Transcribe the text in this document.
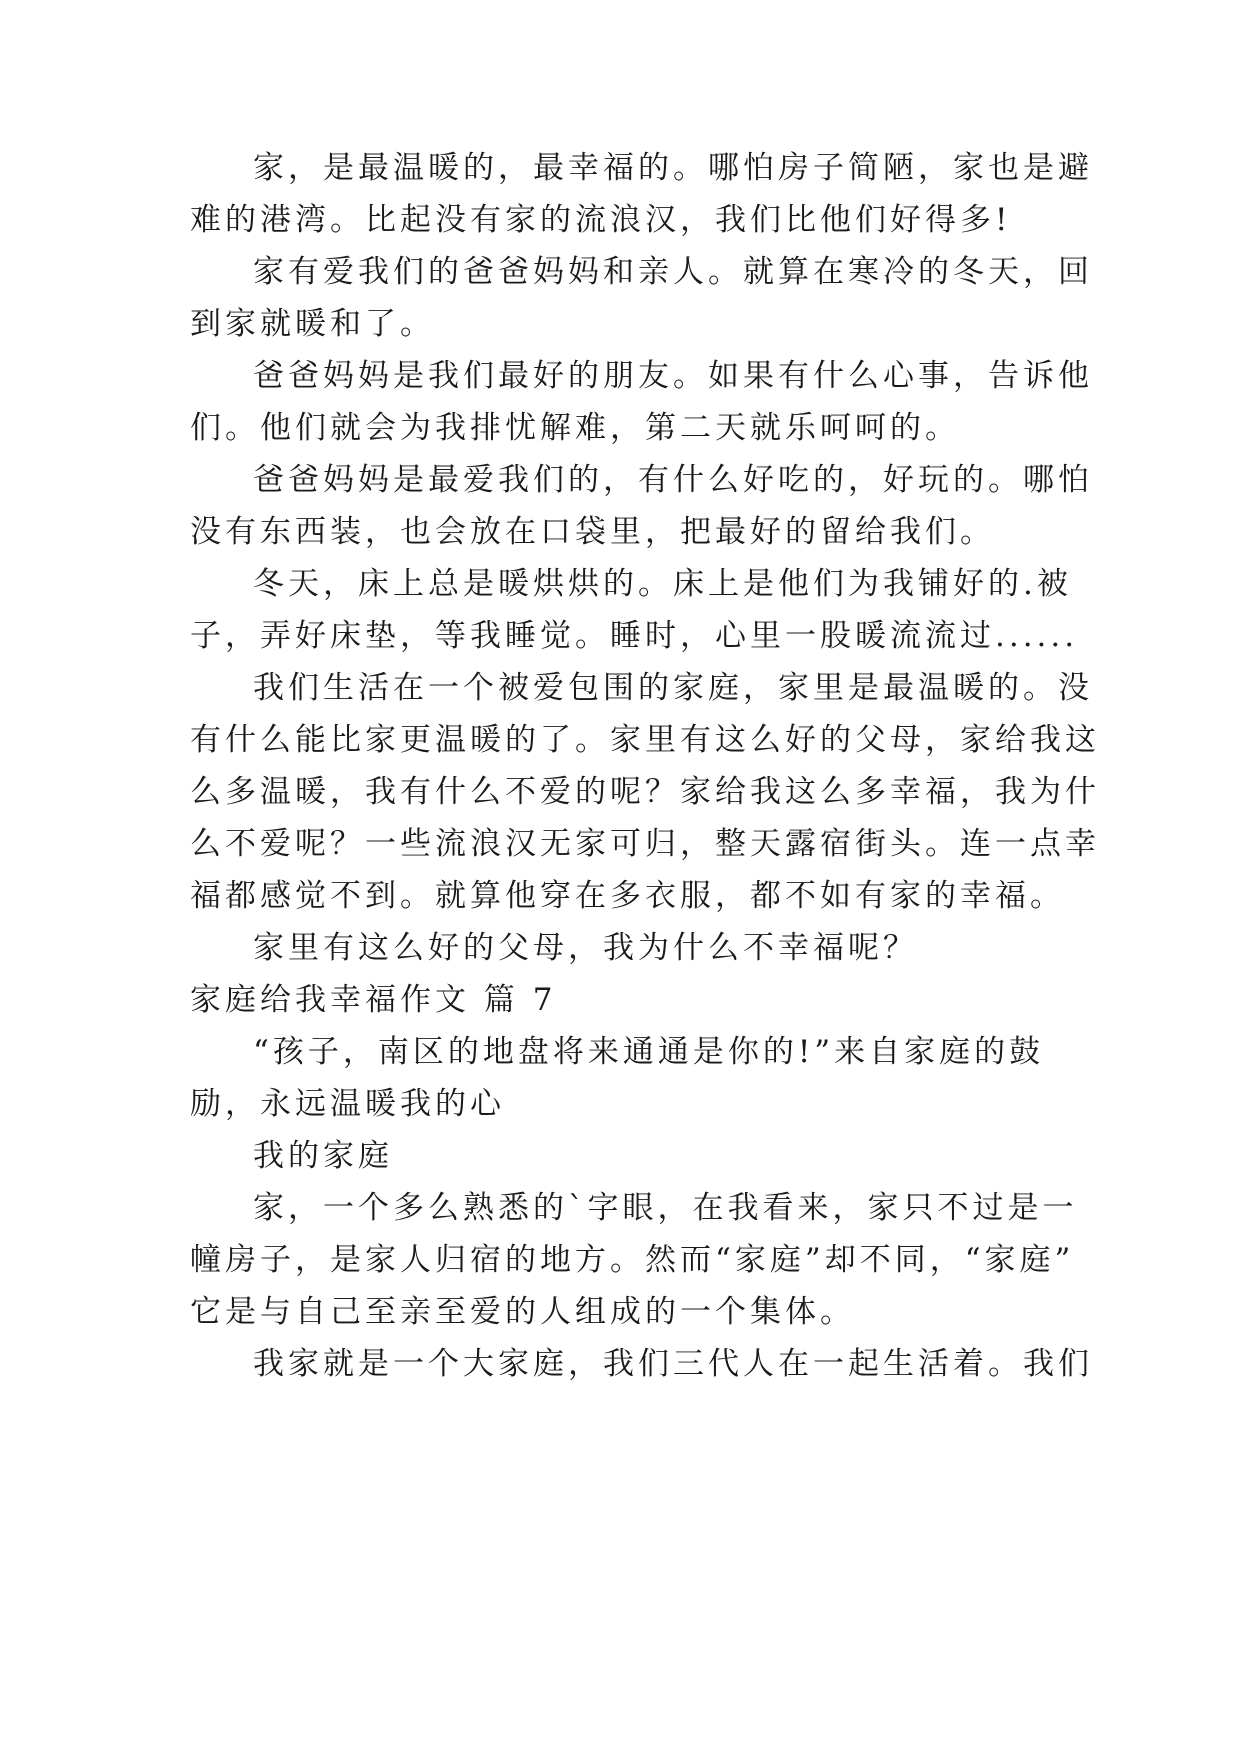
家，是最温暖的，最幸福的。哪怕房子简陋，家也是避
难的港湾。比起没有家的流浪汉，我们比他们好得多!
家有爱我们的爸爸妈妈和亲人。就算在寒冷的冬天，回
到家就暖和了。
爸爸妈妈是我们最好的朋友。如果有什么心事，告诉他
们。他们就会为我排忧解难，第二天就乐呵呵的。
爸爸妈妈是最爱我们的，有什么好吃的，好玩的。哪怕
没有东西装，也会放在口袋里，把最好的留给我们。
冬天，床上总是暖烘烘的。床上是他们为我铺好的.被
子，弄好床垫，等我睡觉。睡时，心里一股暖流流过......
我们生活在一个被爱包围的家庭，家里是最温暖的。没
有什么能比家更温暖的了。家里有这么好的父母，家给我这
么多温暖，我有什么不爱的呢？家给我这么多幸福，我为什
么不爱呢？一些流浪汉无家可归，整天露宿街头。连一点幸
福都感觉不到。就算他穿在多衣服，都不如有家的幸福。
家里有这么好的父母，我为什么不幸福呢？
家庭给我幸福作文 篇 7
“孩子，南区的地盘将来通通是你的!”来自家庭的鼓
励，永远温暖我的心
我的家庭
家，一个多么熟悉的`字眼，在我看来，家只不过是一
幢房子，是家人归宿的地方。然而“家庭”却不同，“家庭”
它是与自己至亲至爱的人组成的一个集体。
我家就是一个大家庭，我们三代人在一起生活着。我们
